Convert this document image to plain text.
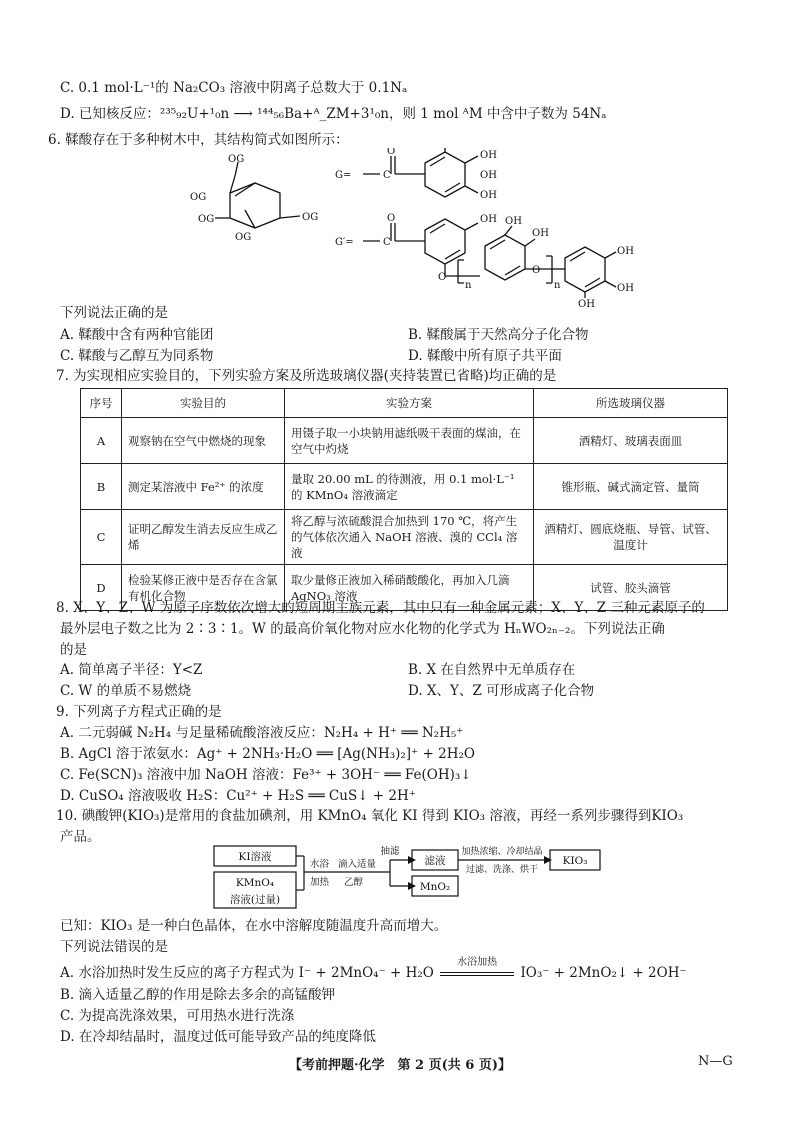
C. 0.1 mol·L⁻¹的 Na₂CO₃ 溶液中阴离子总数大于 0.1Nₐ
D. 已知核反应：²³⁵₉₂U+¹₀n ⟶ ¹⁴⁴₅₆Ba+ᴬ_ZM+3¹₀n，则 1 mol ᴬM 中含中子数为 54Nₐ
6. 鞣酸存在于多种树木中，其结构简式如图所示：
OG
OG
OG
OG
OG
G=
O
C
OH
OH
OH
G′=
O
C
OH
O
n
OH
OH
O
n
OH
OH
OH
下列说法正确的是
A. 鞣酸中含有两种官能团	B. 鞣酸属于天然高分子化合物
C. 鞣酸与乙醇互为同系物	D. 鞣酸中所有原子共平面
7. 为实现相应实验目的，下列实验方案及所选玻璃仪器(夹持装置已省略)均正确的是
序号	实验目的	实验方案	所选玻璃仪器
A	观察钠在空气中燃烧的现象	用镊子取一小块钠用滤纸吸干表面的煤油，在空气中灼烧	酒精灯、玻璃表面皿
B	测定某溶液中 Fe²⁺ 的浓度	量取 20.00 mL 的待测液，用 0.1 mol·L⁻¹ 的 KMnO₄ 溶液滴定	锥形瓶、碱式滴定管、量筒
C	证明乙醇发生消去反应生成乙烯	将乙醇与浓硫酸混合加热到 170 ℃，将产生的气体依次通入 NaOH 溶液、溴的 CCl₄ 溶液	酒精灯、圆底烧瓶、导管、试管、温度计
D	检验某修正液中是否存在含氯有机化合物	取少量修正液加入稀硝酸酸化，再加入几滴 AgNO₃ 溶液	试管、胶头滴管
8. X、Y、Z、W 为原子序数依次增大的短周期主族元素，其中只有一种金属元素；X、Y、Z 三种元素原子的
最外层电子数之比为 2∶3∶1。W 的最高价氧化物对应水化物的化学式为 HₙWO₂ₙ₋₂。下列说法正确
的是
A. 简单离子半径：Y<Z	B. X 在自然界中无单质存在
C. W 的单质不易燃烧	D. X、Y、Z 可形成离子化合物
9. 下列离子方程式正确的是
A. 二元弱碱 N₂H₄ 与足量稀硫酸溶液反应：N₂H₄ + H⁺ ══ N₂H₅⁺
B. AgCl 溶于浓氨水：Ag⁺ + 2NH₃·H₂O ══ [Ag(NH₃)₂]⁺ + 2H₂O
C. Fe(SCN)₃ 溶液中加 NaOH 溶液：Fe³⁺ + 3OH⁻ ══ Fe(OH)₃↓
D. CuSO₄ 溶液吸收 H₂S：Cu²⁺ + H₂S ══ CuS↓ + 2H⁺
10. 碘酸钾(KIO₃)是常用的食盐加碘剂，用 KMnO₄ 氧化 KI 得到 KIO₃ 溶液，再经一系列步骤得到KIO₃
产品。
KI溶液
KMnO₄
溶液(过量)
水浴
加热
滴入适量
乙醇
抽滤
滤液
MnO₂
加热浓缩、冷却结晶
过滤、洗涤、烘干
KIO₃
已知：KIO₃ 是一种白色晶体，在水中溶解度随温度升高而增大。
下列说法错误的是
A. 水浴加热时发生反应的离子方程式为 I⁻ + 2MnO₄⁻ + H₂O
水浴加热
IO₃⁻ + 2MnO₂↓ + 2OH⁻
B. 滴入适量乙醇的作用是除去多余的高锰酸钾
C. 为提高洗涤效果，可用热水进行洗涤
D. 在冷却结晶时，温度过低可能导致产品的纯度降低
【考前押题·化学　第 2 页(共 6 页)】	N—G
